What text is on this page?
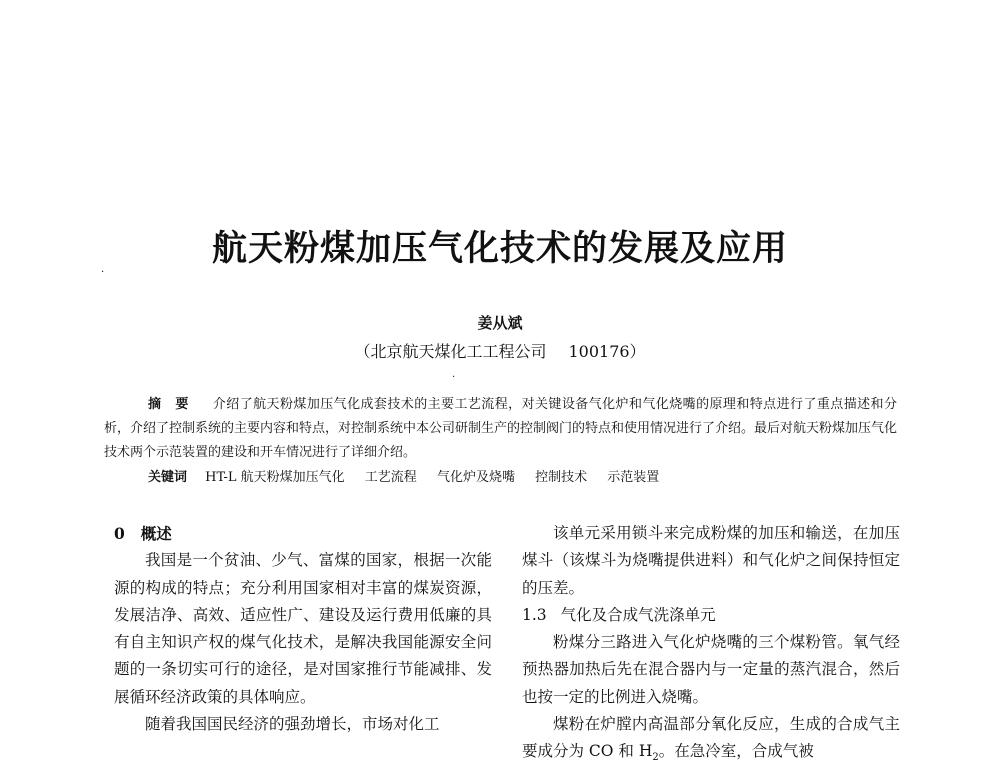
·
·
航天粉煤加压气化技术的发展及应用
姜从斌
（北京航天煤化工工程公司 100176）
摘要 介绍了航天粉煤加压气化成套技术的主要工艺流程，对关键设备气化炉和气化烧嘴的原理和特点进行了重点描述和分析，介绍了控制系统的主要内容和特点，对控制系统中本公司研制生产的控制阀门的特点和使用情况进行了介绍。最后对航天粉煤加压气化技术两个示范装置的建设和开车情况进行了详细介绍。
关键词 HT-L 航天粉煤加压气化 工艺流程 气化炉及烧嘴 控制技术 示范装置

0 概述

我国是一个贫油、少气、富煤的国家，根据一次能源的构成的特点；充分利用国家相对丰富的煤炭资源，发展洁净、高效、适应性广、建设及运行费用低廉的具有自主知识产权的煤气化技术，是解决我国能源安全问题的一条切实可行的途径，是对国家推行节能减排、发展循环经济政策的具体响应。

随着我国国民经济的强劲增长，市场对化工

该单元采用锁斗来完成粉煤的加压和输送，在加压煤斗（该煤斗为烧嘴提供进料）和气化炉之间保持恒定的压差。

1.3 气化及合成气洗涤单元

粉煤分三路进入气化炉烧嘴的三个煤粉管。氧气经预热器加热后先在混合器内与一定量的蒸汽混合，然后也按一定的比例进入烧嘴。

煤粉在炉膛内高温部分氧化反应，生成的合成气主要成分为 CO 和 $H_2$。在急冷室，合成气被
